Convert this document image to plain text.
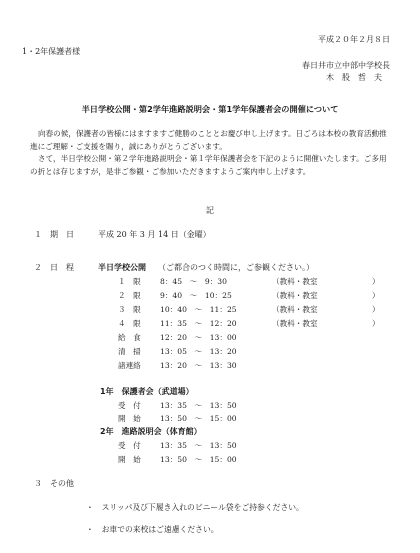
平成２０年２月８日
1・2年保護者様
春日井市立中部中学校長
木　股　哲　夫
半日学校公開・第2学年進路説明会・第1学年保護者会の開催について

向春の候，保護者の皆様にはますますご健勝のこととお慶び申し上げます。日ごろは本校の教育活動推進にご理解・ご支援を賜り，誠にありがとうございます。

さて，半日学校公開・第２学年進路説明会・第１学年保護者会を下記のように開催いたします。ご多用の折とは存じますが，是非ご参観・ご参加いただきますようご案内申し上げます。

記
１ 期　日	平成 20 年 3 月 14 日（金曜）
２ 日　程	半日学校公開 （ご都合のつく時間に，ご参観ください。）
１　限	8：45　～　9：30	（教科・教室	）
２　限	9：40　～　10：25	（教科・教室	）
３　限	10：40　～　11：25	（教科・教室	）
４　限	11：35　～　12：20	（教科・教室	）
給　食	12：20　～　13：00
清　掃	13：05　～　13：20
諸連絡	13：20　～　13：30
1年　保護者会（武道場）
受　付	13：35　～　13：50
開　始	13：50　～　15：00
2年　進路説明会（体育館）
受　付	13：35　～　13：50
開　始	13：50　～　15：00
３ その他
・　スリッパ及び下履き入れのビニール袋をご持参ください。
・　お車での来校はご遠慮ください。
